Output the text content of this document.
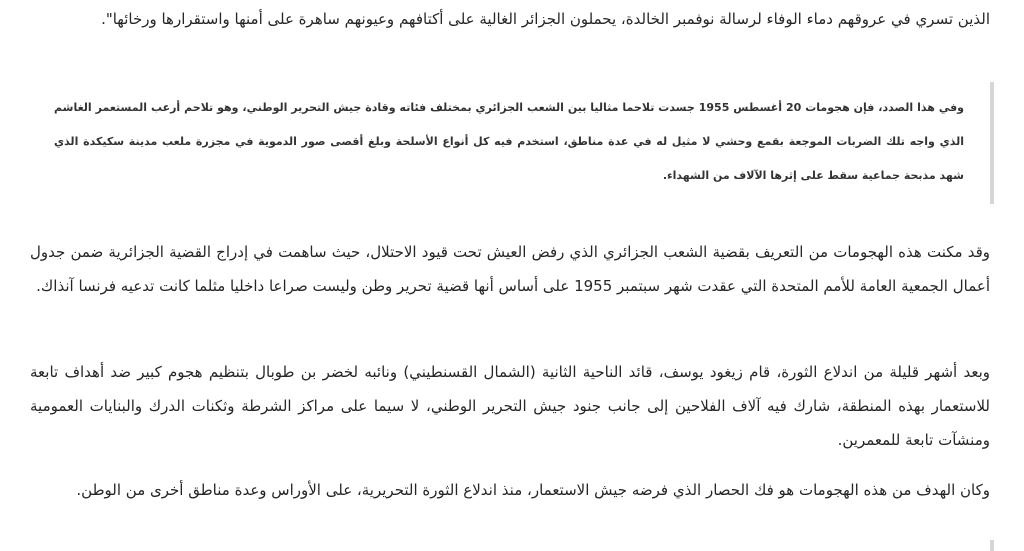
الذين تسري في عروقهم دماء الوفاء لرسالة نوفمبر الخالدة، يحملون الجزائر الغالية على أكتافهم وعيونهم ساهرة على أمنها واستقرارها ورخائها".

وفي هذا الصدد، فإن هجومات 20 أغسطس 1955 جسدت تلاحما مثاليا بين الشعب الجزائري بمختلف فئاته وقادة جيش التحرير الوطني، وهو تلاحم أرعب المستعمر الغاشم الذي واجه تلك الضربات الموجعة بقمع وحشي لا مثيل له في عدة مناطق، استخدم فيه كل أنواع الأسلحة وبلغ أقصى صور الدموية في مجزرة ملعب مدينة سكيكدة الذي شهد مذبحة جماعية سقط على إثرها الآلاف من الشهداء.

وقد مكنت هذه الهجومات من التعريف بقضية الشعب الجزائري الذي رفض العيش تحت قيود الاحتلال، حيث ساهمت في إدراج القضية الجزائرية ضمن جدول أعمال الجمعية العامة للأمم المتحدة التي عقدت شهر سبتمبر 1955 على أساس أنها قضية تحرير وطن وليست صراعا داخليا مثلما كانت تدعيه فرنسا آنذاك.

وبعد أشهر قليلة من اندلاع الثورة، قام زيغود يوسف، قائد الناحية الثانية (الشمال القسنطيني) ونائبه لخضر بن طوبال بتنظيم هجوم كبير ضد أهداف تابعة للاستعمار بهذه المنطقة، شارك فيه آلاف الفلاحين إلى جانب جنود جيش التحرير الوطني، لا سيما على مراكز الشرطة وثكنات الدرك والبنايات العمومية ومنشآت تابعة للمعمرين.

وكان الهدف من هذه الهجومات هو فك الحصار الذي فرضه جيش الاستعمار، منذ اندلاع الثورة التحريرية، على الأوراس وعدة مناطق أخرى من الوطن.
